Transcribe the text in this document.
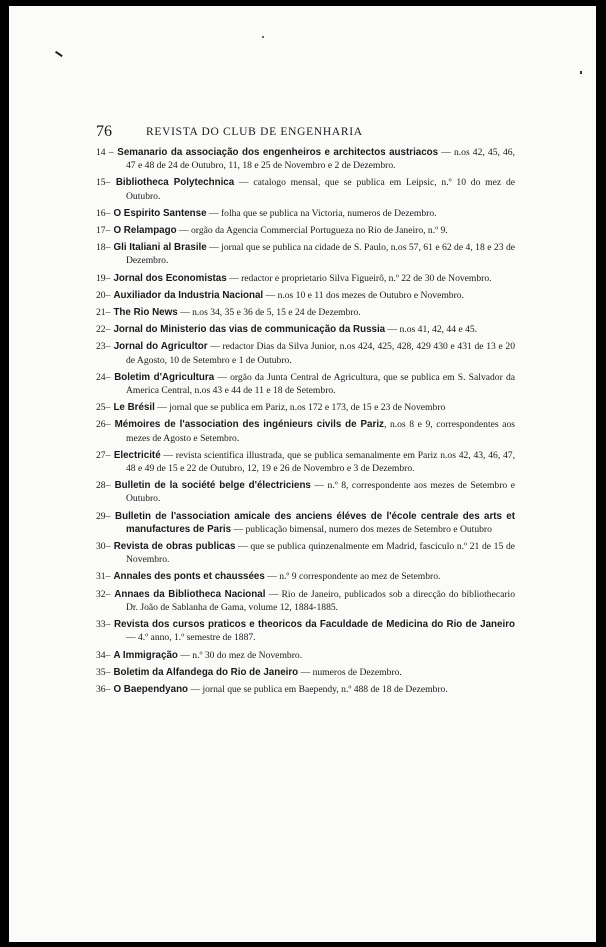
76	REVISTA DO CLUB DE ENGENHARIA
14 – Semanario da associação dos engenheiros e architectos austriacos — n.os 42, 45, 46, 47 e 48 de 24 de Outubro, 11, 18 e 25 de Novembro e 2 de Dezembro.
15– Bibliotheca Polytechnica — catalogo mensal, que se publica em Leipsic, n.º 10 do mez de Outubro.
16– O Espirito Santense — folha que se publica na Victoria, numeros de Dezembro.
17– O Relampago — orgão da Agencia Commercial Portugueza no Rio de Janeiro, n.º 9.
18– Gli Italiani al Brasile — jornal que se publica na cidade de S. Paulo, n.os 57, 61 e 62 de 4, 18 e 23 de Dezembro.
19– Jornal dos Economistas — redactor e proprietario Silva Figueirô, n.º 22 de 30 de Novembro.
20– Auxiliador da Industria Nacional — n.os 10 e 11 dos mezes de Outubro e Novembro.
21– The Rio News — n.os 34, 35 e 36 de 5, 15 e 24 de Dezembro.
22– Jornal do Ministerio das vias de communicação da Russia — n.os 41, 42, 44 e 45.
23– Jornal do Agricultor — redactor Dias da Silva Junior, n.os 424, 425, 428, 429 430 e 431 de 13 e 20 de Agosto, 10 de Setembro e 1 de Outubro.
24– Boletim d'Agricultura — orgão da Junta Central de Agricultura, que se publica em S. Salvador da America Central, n.os 43 e 44 de 11 e 18 de Setembro.
25– Le Brésil — jornal que se publica em Pariz, n.os 172 e 173, de 15 e 23 de Novembro
26– Mémoires de l'association des ingénieurs civils de Pariz, n.os 8 e 9, correspondentes aos mezes de Agosto e Setembro.
27– Electricité — revista scientifica illustrada, que se publica semanalmente em Pariz n.os 42, 43, 46, 47, 48 e 49 de 15 e 22 de Outubro, 12, 19 e 26 de Novembro e 3 de Dezembro.
28– Bulletin de la société belge d'électriciens — n.º 8, correspondente aos mezes de Setembro e Outubro.
29– Bulletin de l'association amicale des anciens éléves de l'école centrale des arts et manufactures de Paris — publicação bimensal, numero dos mezes de Setembro e Outubro
30– Revista de obras publicas — que se publica quinzenalmente em Madrid, fasciculo n.º 21 de 15 de Novembro.
31– Annales des ponts et chaussées — n.º 9 correspondente ao mez de Setembro.
32– Annaes da Bibliotheca Nacional — Rio de Janeiro, publicados sob a direcção do bibliothecario Dr. João de Sablanha de Gama, volume 12, 1884-1885.
33– Revista dos cursos praticos e theoricos da Faculdade de Medicina do Rio de Janeiro — 4.º anno, 1.º semestre de 1887.
34– A Immigração — n.º 30 do mez de Novembro.
35– Boletim da Alfandega do Rio de Janeiro — numeros de Dezembro.
36– O Baependyano — jornal que se publica em Baependy, n.º 488 de 18 de Dezembro.
